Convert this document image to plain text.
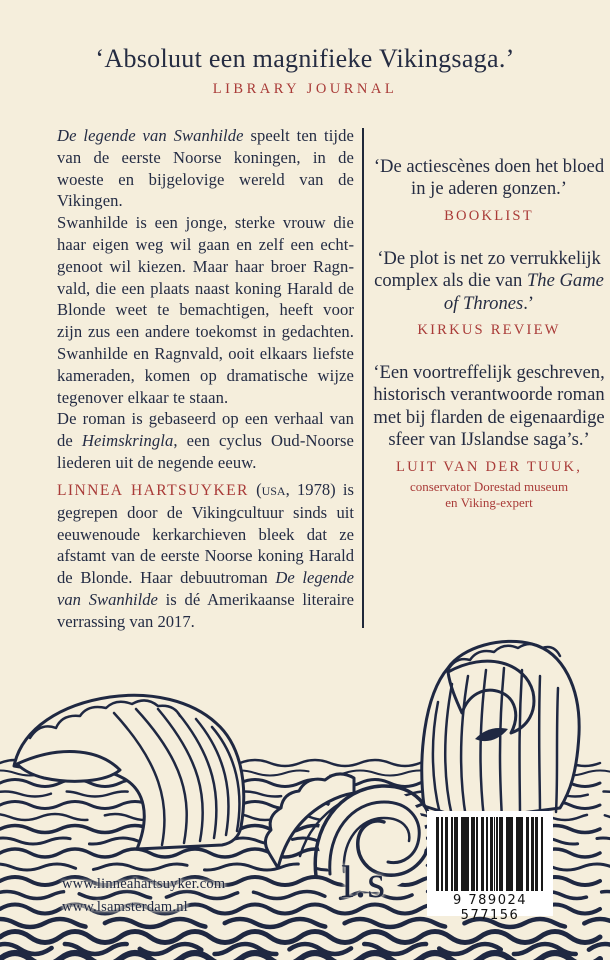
‘Absoluut een magnifieke Vikingsaga.’
LIBRARY JOURNAL

De legende van Swanhilde speelt ten tijde van de eerste Noorse koningen, in de woeste en bijgelovige wereld van de Vikingen.

Swanhilde is een jonge, sterke vrouw die haar eigen weg wil gaan en zelf een echtgenoot wil kiezen. Maar haar broer Ragnvald, die een plaats naast koning Harald de Blonde weet te bemachtigen, heeft voor zijn zus een andere toekomst in gedachten. Swanhilde en Ragnvald, ooit elkaars liefste kameraden, komen op dramatische wijze tegenover elkaar te staan.

De roman is gebaseerd op een verhaal van de Heimskringla, een cyclus Oud-Noorse liederen uit de negende eeuw.

LINNEA HARTSUYKER (usa, 1978) is gegrepen door de Vikingcultuur sinds uit eeuwenoude kerkarchieven bleek dat ze afstamt van de eerste Noorse koning Harald de Blonde. Haar debuutroman De legende van Swanhilde is dé Amerikaanse literaire verrassing van 2017.

‘De actiescènes doen het bloed in je aderen gonzen.’

BOOKLIST

‘De plot is net zo verrukkelijk complex als die van The Game of Thrones.’

KIRKUS REVIEW

‘Een voortreffelijk geschreven, historisch verantwoorde roman met bij flarden de eigenaardige sfeer van IJslandse saga’s.’

LUIT VAN DER TUUK,
conservator Dorestad museum
en Viking-expert
www.linneahartsuyker.com
www.lsamsterdam.nl	l.s	9 789024 577156
